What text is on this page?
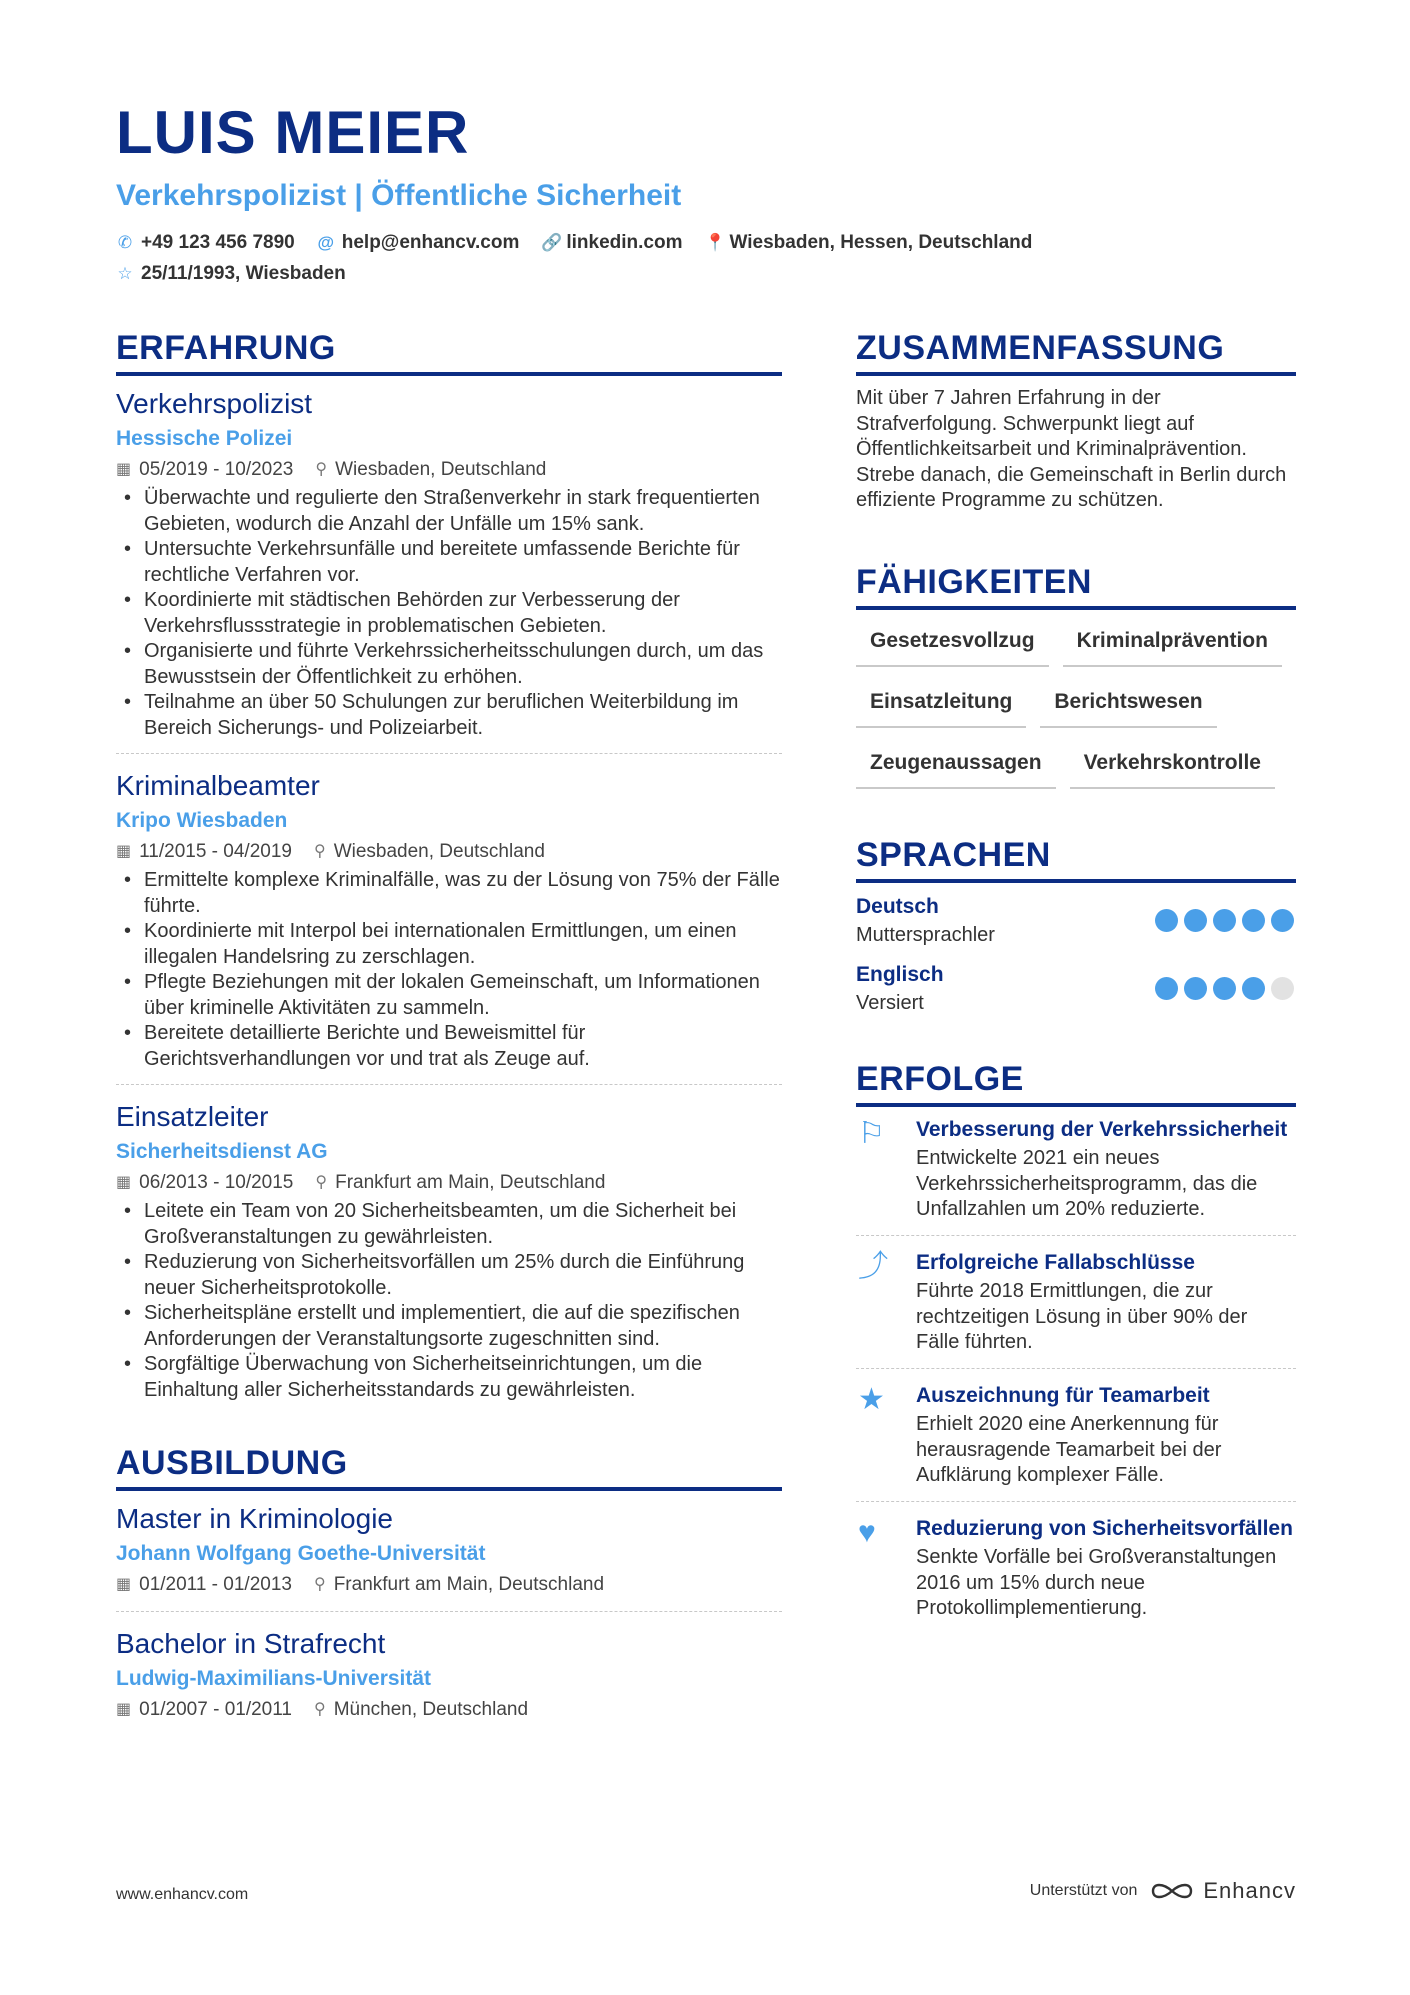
LUIS MEIER
Verkehrspolizist | Öffentliche Sicherheit
✆ +49 123 456 7890 @ help@enhancv.com 🔗 linkedin.com 📍 Wiesbaden, Hessen, Deutschland
☆ 25/11/1993, Wiesbaden
ERFAHRUNG
Verkehrspolizist
Hessische Polizei
▦ 05/2019 - 10/2023 ⚲ Wiesbaden, Deutschland
• Überwachte und regulierte den Straßenverkehr in stark frequentierten Gebieten, wodurch die Anzahl der Unfälle um 15% sank.
• Untersuchte Verkehrsunfälle und bereitete umfassende Berichte für rechtliche Verfahren vor.
• Koordinierte mit städtischen Behörden zur Verbesserung der Verkehrsflussstrategie in problematischen Gebieten.
• Organisierte und führte Verkehrssicherheitsschulungen durch, um das Bewusstsein der Öffentlichkeit zu erhöhen.
• Teilnahme an über 50 Schulungen zur beruflichen Weiterbildung im Bereich Sicherungs- und Polizeiarbeit.
Kriminalbeamter
Kripo Wiesbaden
▦ 11/2015 - 04/2019 ⚲ Wiesbaden, Deutschland
• Ermittelte komplexe Kriminalfälle, was zu der Lösung von 75% der Fälle führte.
• Koordinierte mit Interpol bei internationalen Ermittlungen, um einen illegalen Handelsring zu zerschlagen.
• Pflegte Beziehungen mit der lokalen Gemeinschaft, um Informationen über kriminelle Aktivitäten zu sammeln.
• Bereitete detaillierte Berichte und Beweismittel für Gerichtsverhandlungen vor und trat als Zeuge auf.
Einsatzleiter
Sicherheitsdienst AG
▦ 06/2013 - 10/2015 ⚲ Frankfurt am Main, Deutschland
• Leitete ein Team von 20 Sicherheitsbeamten, um die Sicherheit bei Großveranstaltungen zu gewährleisten.
• Reduzierung von Sicherheitsvorfällen um 25% durch die Einführung neuer Sicherheitsprotokolle.
• Sicherheitspläne erstellt und implementiert, die auf die spezifischen Anforderungen der Veranstaltungsorte zugeschnitten sind.
• Sorgfältige Überwachung von Sicherheitseinrichtungen, um die Einhaltung aller Sicherheitsstandards zu gewährleisten.
AUSBILDUNG
Master in Kriminologie
Johann Wolfgang Goethe-Universität
▦ 01/2011 - 01/2013 ⚲ Frankfurt am Main, Deutschland
Bachelor in Strafrecht
Ludwig-Maximilians-Universität
▦ 01/2007 - 01/2011 ⚲ München, Deutschland
ZUSAMMENFASSUNG
Mit über 7 Jahren Erfahrung in der Strafverfolgung. Schwerpunkt liegt auf Öffentlichkeitsarbeit und Kriminalprävention. Strebe danach, die Gemeinschaft in Berlin durch effiziente Programme zu schützen.
FÄHIGKEITEN
Gesetzesvollzug	Kriminalprävention
Einsatzleitung	Berichtswesen
Zeugenaussagen	Verkehrskontrolle
SPRACHEN
Deutsch
Muttersprachler
Englisch
Versiert
ERFOLGE
⚐	Verbesserung der Verkehrssicherheit
Entwickelte 2021 ein neues Verkehrssicherheitsprogramm, das die Unfallzahlen um 20% reduzierte.
⤴	Erfolgreiche Fallabschlüsse
Führte 2018 Ermittlungen, die zur rechtzeitigen Lösung in über 90% der Fälle führten.
★	Auszeichnung für Teamarbeit
Erhielt 2020 eine Anerkennung für herausragende Teamarbeit bei der Aufklärung komplexer Fälle.
♥	Reduzierung von Sicherheitsvorfällen
Senkte Vorfälle bei Großveranstaltungen 2016 um 15% durch neue Protokollimplementierung.
www.enhancv.com	Unterstützt von	Enhancv
